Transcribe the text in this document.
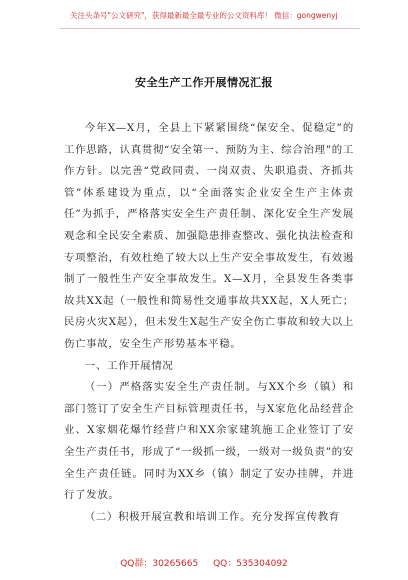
关注头条号"公文研究"，获得最新最全最专业的公文资料库！ 微信：gongwenyj
安全生产工作开展情况汇报

今年X—X月，全县上下紧紧围绕“保安全、促稳定”的工作思路，认真贯彻“安全第一、预防为主、综合治理”的工作方针。以完善“党政同责、一岗双责、失职追责、齐抓共管”体系建设为重点，以“全面落实企业安全生产主体责任”为抓手，严格落实安全生产责任制、深化安全生产发展观念和全民安全素质、加强隐患排查整改、强化执法检查和专项整治，有效杜绝了较大以上生产安全事故发生，有效遏制了一般性生产安全事故发生。X—X月，全县发生各类事故共XX起（一般性和简易性交通事故共XX起，X人死亡；民房火灾X起），但未发生X起生产安全伤亡事故和较大以上伤亡事故，安全生产形势基本平稳。

一、工作开展情况

（一）严格落实安全生产责任制。与XX个乡（镇）和部门签订了安全生产目标管理责任书，与X家危化品经营企业、X家烟花爆竹经营户和XX余家建筑施工企业签订了安全生产责任书，形成了“一级抓一级，一级对一级负责”的安全生产责任链。同时为XX乡（镇）制定了安办挂牌，并进行了发放。

（二）积极开展宣教和培训工作。充分发挥宣传教育

QQ群：30265665 QQ：535304092
